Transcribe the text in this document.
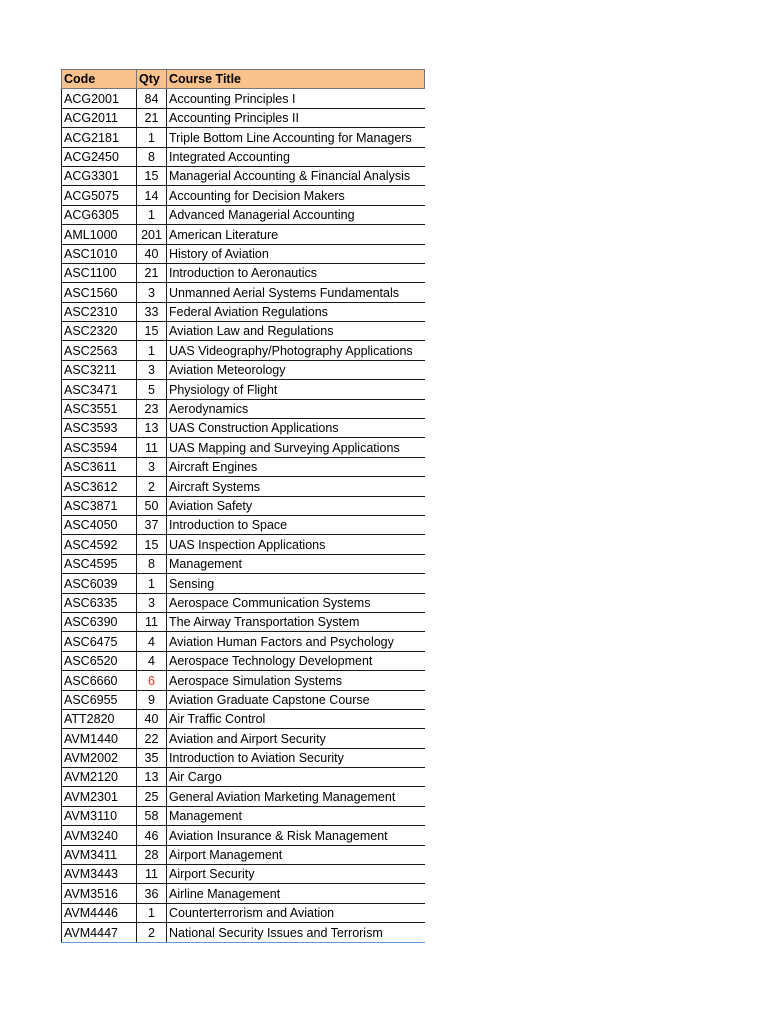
Code	Qty	Course Title
ACG2001	84	Accounting Principles I
ACG2011	21	Accounting Principles II
ACG2181	1	Triple Bottom Line Accounting for Managers
ACG2450	8	Integrated Accounting
ACG3301	15	Managerial Accounting & Financial Analysis
ACG5075	14	Accounting for Decision Makers
ACG6305	1	Advanced Managerial Accounting
AML1000	201	American Literature
ASC1010	40	History of Aviation
ASC1100	21	Introduction to Aeronautics
ASC1560	3	Unmanned Aerial Systems Fundamentals
ASC2310	33	Federal Aviation Regulations
ASC2320	15	Aviation Law and Regulations
ASC2563	1	UAS Videography/Photography Applications
ASC3211	3	Aviation Meteorology
ASC3471	5	Physiology of Flight
ASC3551	23	Aerodynamics
ASC3593	13	UAS Construction Applications
ASC3594	11	UAS Mapping and Surveying Applications
ASC3611	3	Aircraft Engines
ASC3612	2	Aircraft Systems
ASC3871	50	Aviation Safety
ASC4050	37	Introduction to Space
ASC4592	15	UAS Inspection Applications
ASC4595	8	Management
ASC6039	1	Sensing
ASC6335	3	Aerospace Communication Systems
ASC6390	11	The Airway Transportation System
ASC6475	4	Aviation Human Factors and Psychology
ASC6520	4	Aerospace Technology Development
ASC6660	6	Aerospace Simulation Systems
ASC6955	9	Aviation Graduate Capstone Course
ATT2820	40	Air Traffic Control
AVM1440	22	Aviation and Airport Security
AVM2002	35	Introduction to Aviation Security
AVM2120	13	Air Cargo
AVM2301	25	General Aviation Marketing Management
AVM3110	58	Management
AVM3240	46	Aviation Insurance & Risk Management
AVM3411	28	Airport Management
AVM3443	11	Airport Security
AVM3516	36	Airline Management
AVM4446	1	Counterterrorism and Aviation
AVM4447	2	National Security Issues and Terrorism
